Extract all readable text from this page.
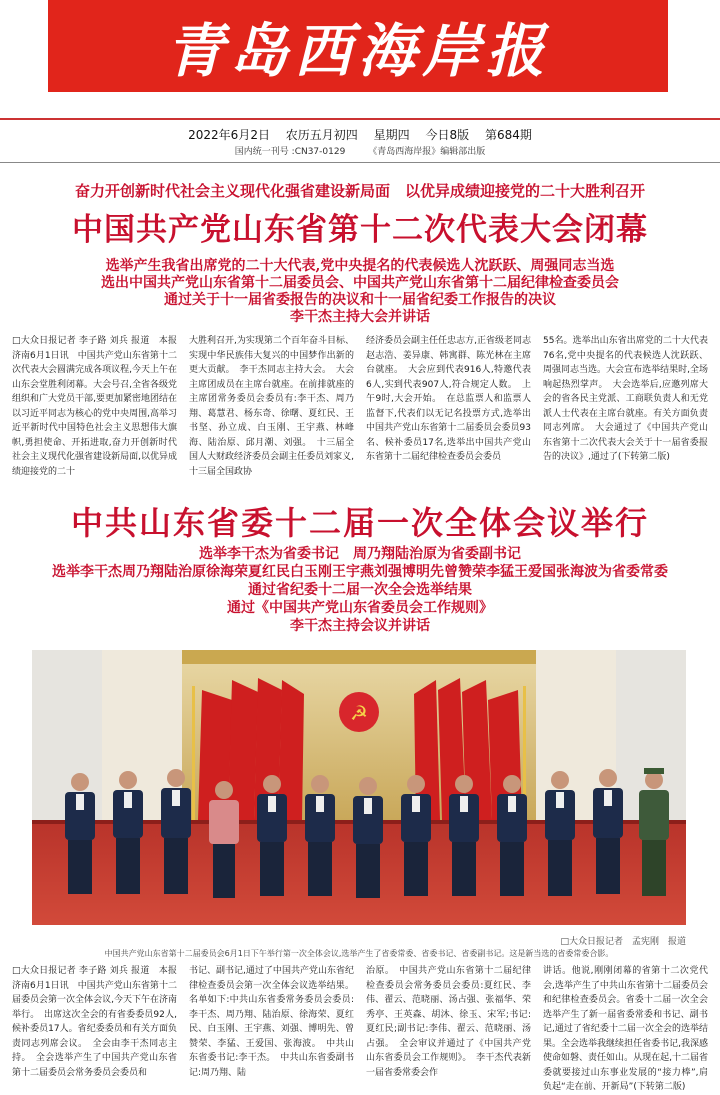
青岛西海岸报
2022年6月2日 农历五月初四 星期四 今日8版 第684期
国内统一刊号 :CN37-0129	《青岛西海岸报》编辑部出版
奋力开创新时代社会主义现代化强省建设新局面　以优异成绩迎接党的二十大胜利召开
中国共产党山东省第十二次代表大会闭幕
选举产生我省出席党的二十大代表,党中央提名的代表候选人沈跃跃、周强同志当选
选出中国共产党山东省第十二届委员会、中国共产党山东省第十二届纪律检查委员会
通过关于十一届省委报告的决议和十一届省纪委工作报告的决议
李干杰主持大会并讲话
□大众日报记者 李子路 刘兵 报道　本报济南6月1日讯　中国共产党山东省第十二次代表大会圆满完成各项议程,今天上午在山东会堂胜利闭幕。大会号召,全省各级党组织和广大党员干部,要更加紧密地团结在以习近平同志为核心的党中央周围,高举习近平新时代中国特色社会主义思想伟大旗帜,勇担使命、开拓进取,奋力开创新时代社会主义现代化强省建设新局面,以优异成绩迎接党的二十
大胜利召开,为实现第二个百年奋斗目标、实现中华民族伟大复兴的中国梦作出新的更大贡献。　李干杰同志主持大会。　大会主席团成员在主席台就座。在前排就座的主席团常务委员会委员有:李干杰、周乃翔、葛慧君、杨东奇、徐曙、夏红民、王书坚、孙立成、白玉刚、王宇燕、林峰海、陆治原、邱月潮、刘强。　十三届全国人大财政经济委员会副主任委员刘家义,十三届全国政协
经济委员会副主任任忠志方,正省级老同志赵志浩、姜异康、韩寓群、陈光林在主席台就座。　大会应到代表916人,特邀代表6人,实到代表907人,符合规定人数。　上午9时,大会开始。　在总监票人和监票人监督下,代表们以无记名投票方式,选举出中国共产党山东省第十二届委员会委员93名、候补委员17名,选举出中国共产党山东省第十二届纪律检查委员会委员
55名。选举出山东省出席党的二十大代表76名,党中央提名的代表候选人沈跃跃、周强同志当选。大会宣布选举结果时,全场响起热烈掌声。　大会选举后,应邀列席大会的省各民主党派、工商联负责人和无党派人士代表在主席台就座。有关方面负责同志列席。　大会通过了《中国共产党山东省第十二次代表大会关于十一届省委报告的决议》,通过了(下转第二版)
中共山东省委十二届一次全体会议举行
选举李干杰为省委书记　周乃翔陆治原为省委副书记
选举李干杰周乃翔陆治原徐海荣夏红民白玉刚王宇燕刘强博明先曾赞荣李猛王爱国张海波为省委常委
通过省纪委十二届一次全会选举结果
通过《中国共产党山东省委员会工作规则》
李干杰主持会议并讲话
☭
□大众日报记者　孟宪刚　报道
中国共产党山东省第十二届委员会6月1日下午举行第一次全体会议,选举产生了省委常委、省委书记、省委副书记。这是新当选的省委常委合影。
□大众日报记者 李子路 刘兵 报道　本报济南6月1日讯　中国共产党山东省第十二届委员会第一次全体会议,今天下午在济南举行。　出席这次全会的有省委委员92人,候补委员17人。省纪委委员和有关方面负责同志列席会议。　全会由李干杰同志主持。　全会选举产生了中国共产党山东省第十二届委员会常务委员会委员和
书记、副书记,通过了中国共产党山东省纪律检查委员会第一次全体会议选举结果。名单如下:中共山东省委常务委员会委员:李干杰、周乃翔、陆治原、徐海荣、夏红民、白玉刚、王宇燕、刘强、博明先、曾赞荣、李猛、王爱国、张海波。　中共山东省委书记:李干杰。　中共山东省委副书记:周乃翔、陆
治原。　中国共产党山东省第十二届纪律检查委员会常务委员会委员:夏红民、李伟、翟云、范晓丽、汤占强、张福华、荣秀亭、王英森、胡沐、徐玉、宋军;书记:夏红民;副书记:李伟、翟云、范晓丽、汤占强。　全会审议并通过了《中国共产党山东省委员会工作规则》。　李干杰代表新一届省委常委会作
讲话。他说,刚刚闭幕的省第十二次党代会,选举产生了中共山东省第十二届委员会和纪律检查委员会。省委十二届一次全会选举产生了新一届省委常委和书记、副书记,通过了省纪委十二届一次全会的选举结果。全会选举我继续担任省委书记,我深感使命如磐、责任如山。从现在起,十二届省委就要接过山东事业发展的“接力棒”,肩负起“走在前、开新局”(下转第二版)
